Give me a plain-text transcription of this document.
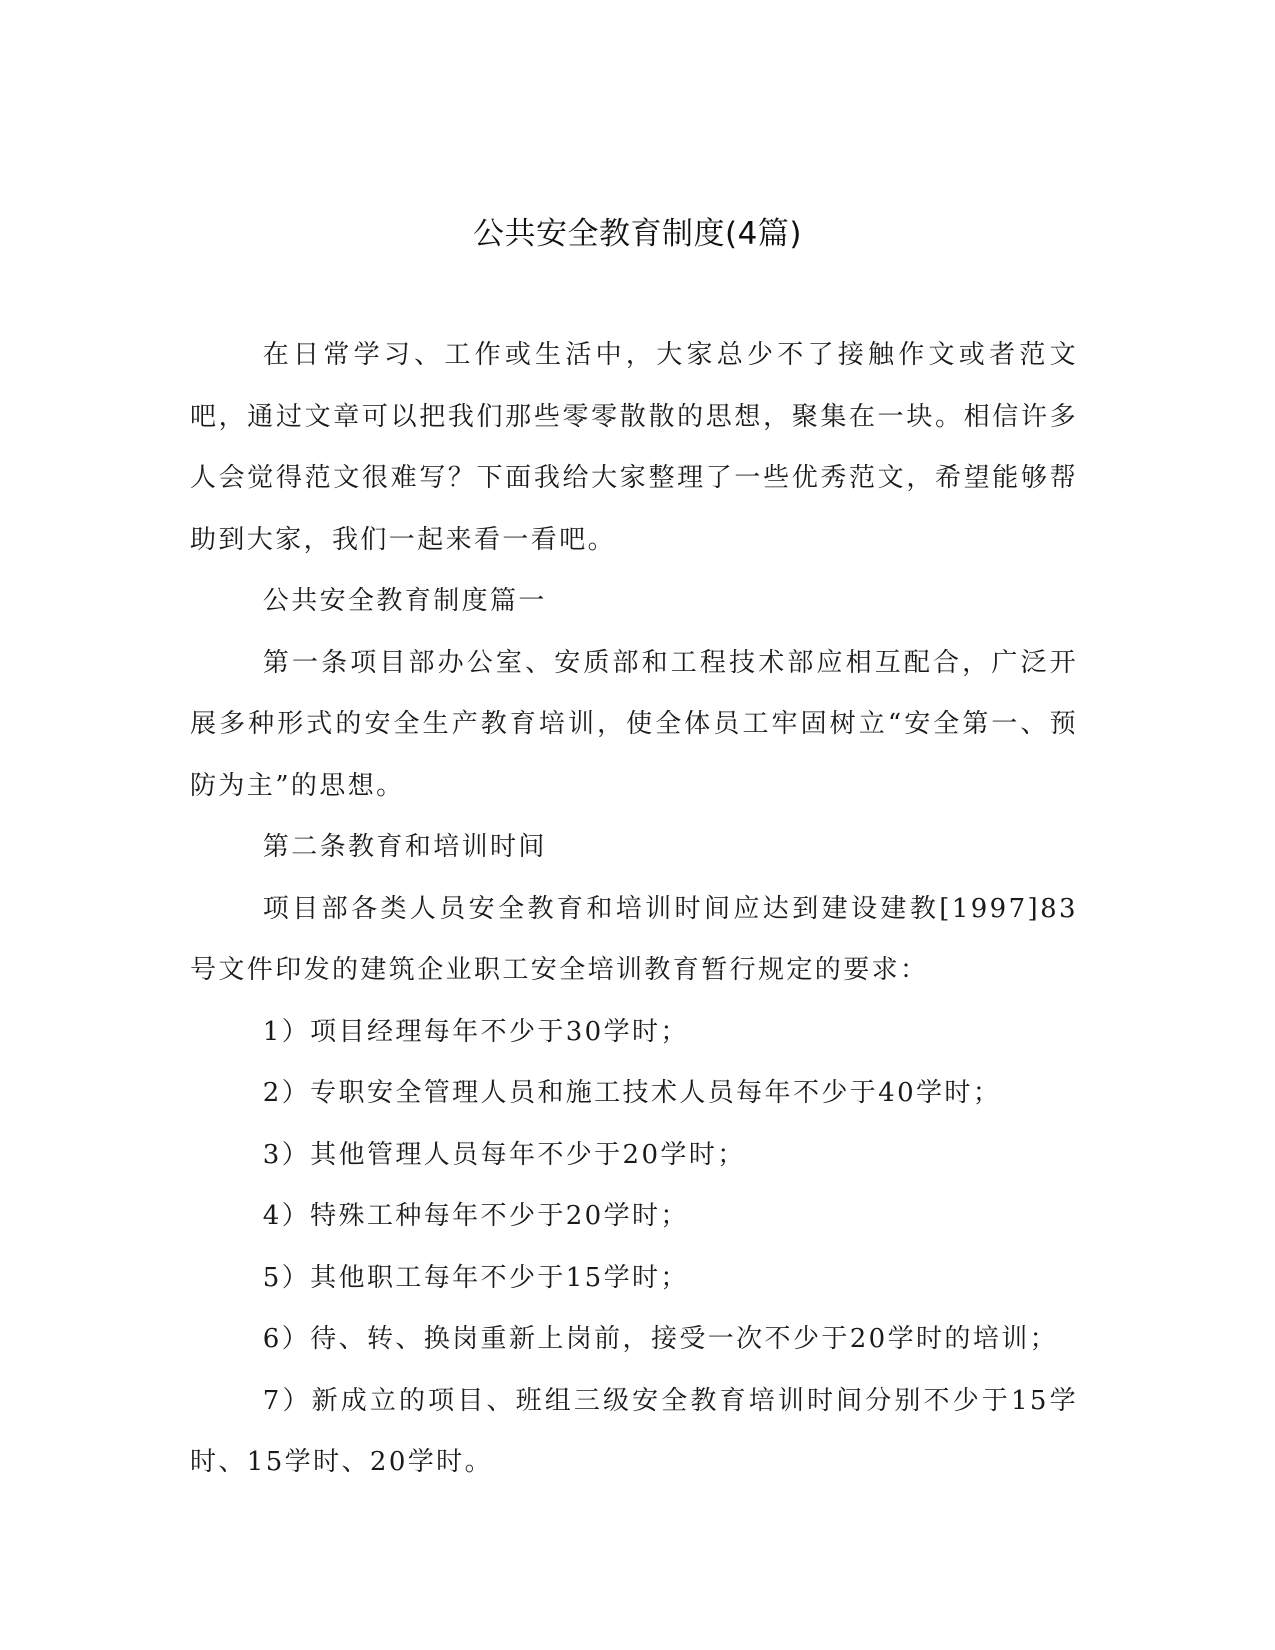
公共安全教育制度(4篇)

在日常学习、工作或生活中，大家总少不了接触作文或者范文吧，通过文章可以把我们那些零零散散的思想，聚集在一块。相信许多人会觉得范文很难写？下面我给大家整理了一些优秀范文，希望能够帮助到大家，我们一起来看一看吧。

公共安全教育制度篇一

第一条项目部办公室、安质部和工程技术部应相互配合，广泛开展多种形式的安全生产教育培训，使全体员工牢固树立“安全第一、预防为主”的思想。

第二条教育和培训时间

项目部各类人员安全教育和培训时间应达到建设建教[1997]83号文件印发的建筑企业职工安全培训教育暂行规定的要求：

1）项目经理每年不少于30学时；

2）专职安全管理人员和施工技术人员每年不少于40学时；

3）其他管理人员每年不少于20学时；

4）特殊工种每年不少于20学时；

5）其他职工每年不少于15学时；

6）待、转、换岗重新上岗前，接受一次不少于20学时的培训；

7）新成立的项目、班组三级安全教育培训时间分别不少于15学时、15学时、20学时。
